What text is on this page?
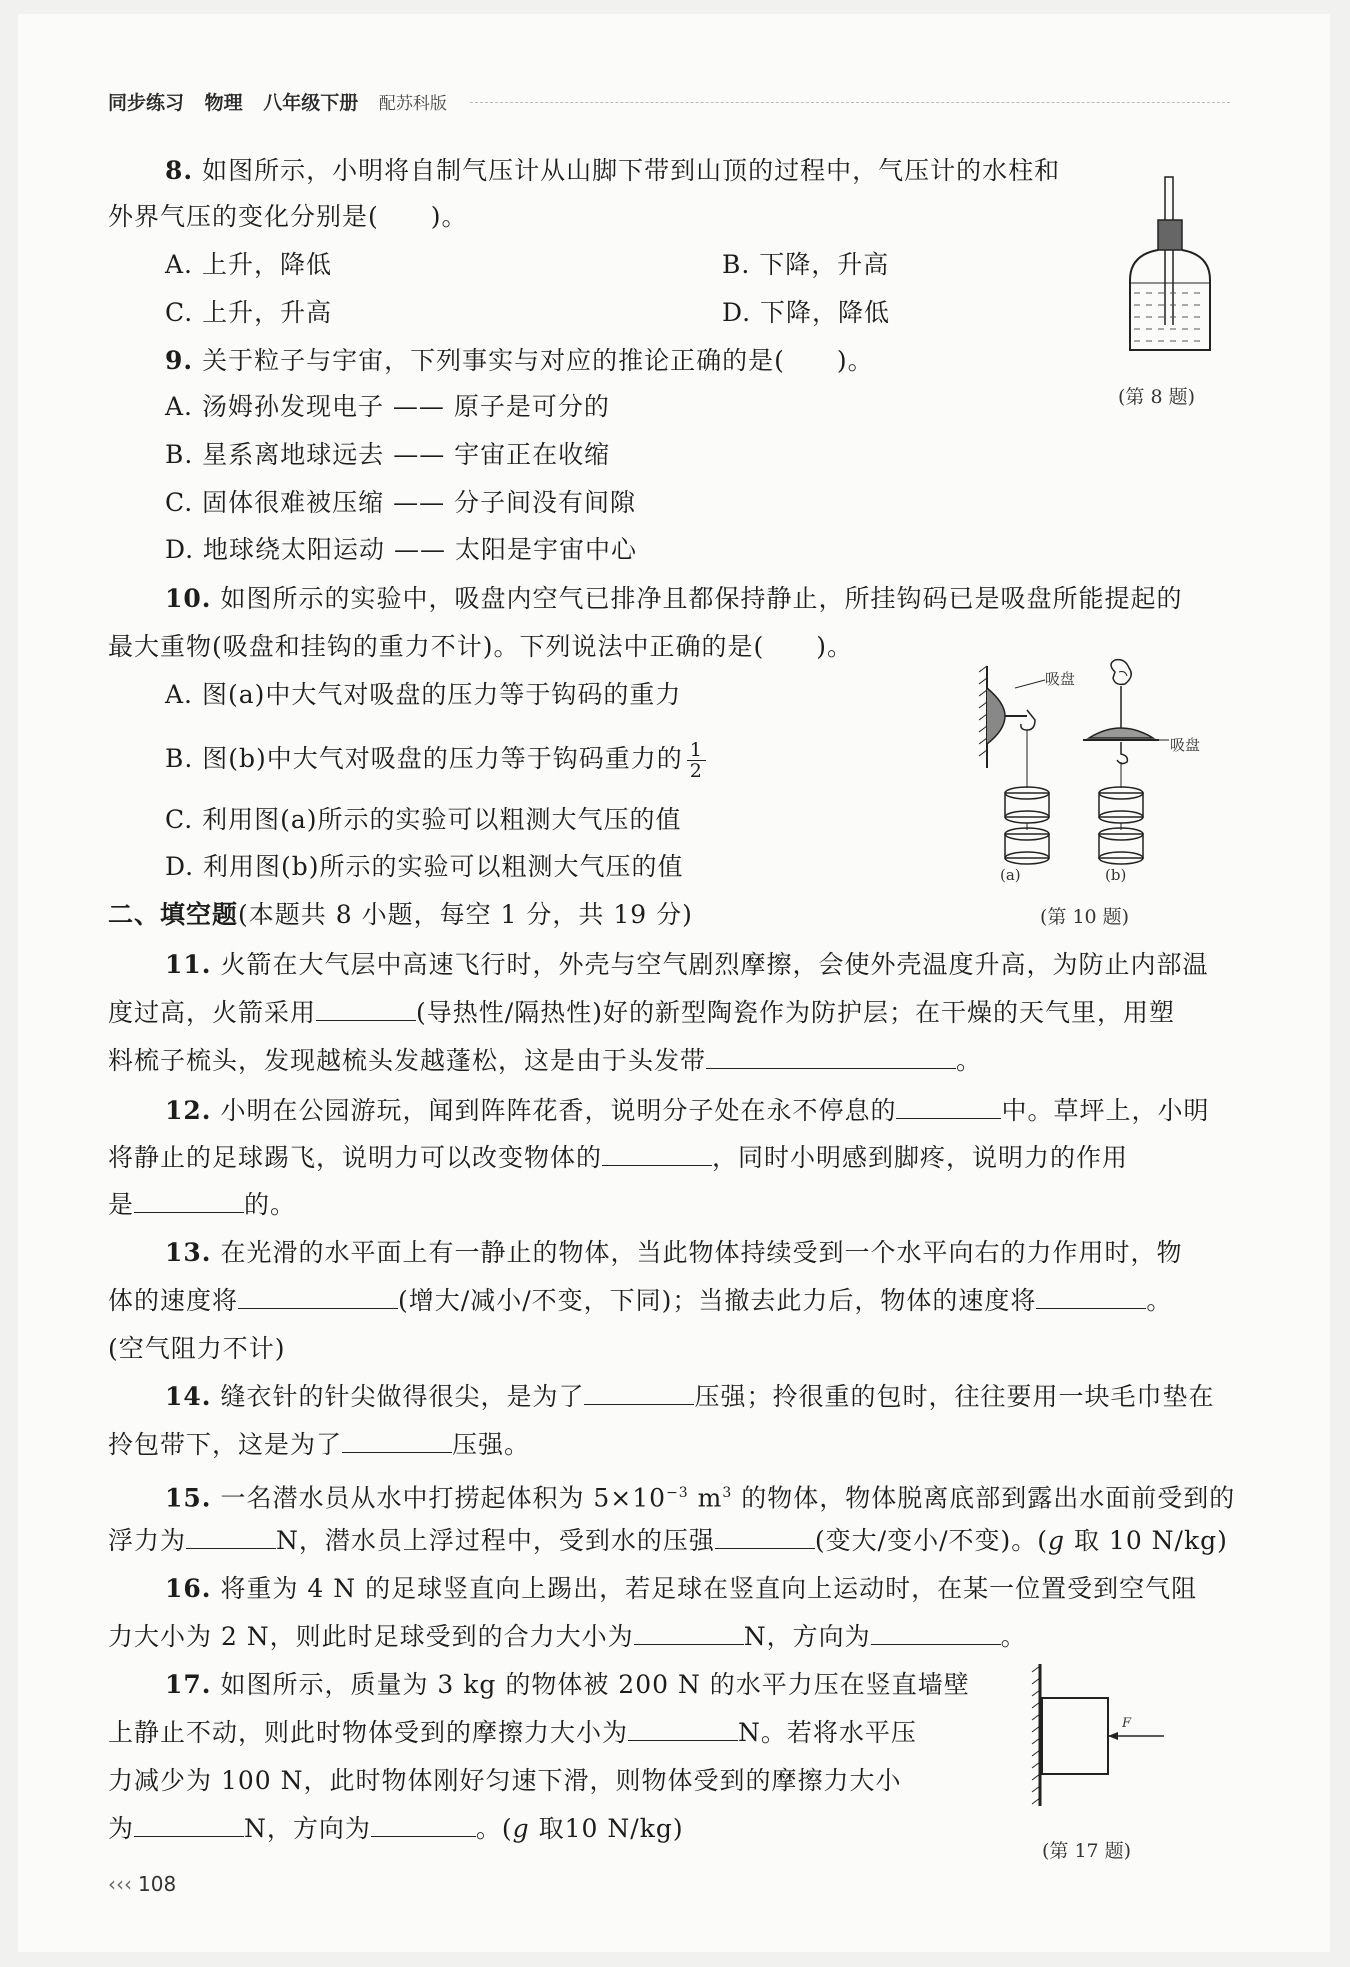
同步练习 物理 八年级下册 配苏科版
8. 如图所示，小明将自制气压计从山脚下带到山顶的过程中，气压计的水柱和
外界气压的变化分别是(　　)。
A. 上升，降低	B. 下降，升高
C. 上升，升高	D. 下降，降低
(第 8 题)
9. 关于粒子与宇宙，下列事实与对应的推论正确的是(　　)。
A. 汤姆孙发现电子 —— 原子是可分的
B. 星系离地球远去 —— 宇宙正在收缩
C. 固体很难被压缩 —— 分子间没有间隙
D. 地球绕太阳运动 —— 太阳是宇宙中心
10. 如图所示的实验中，吸盘内空气已排净且都保持静止，所挂钩码已是吸盘所能提起的
最大重物(吸盘和挂钩的重力不计)。下列说法中正确的是(　　)。
A. 图(a)中大气对吸盘的压力等于钩码的重力
B. 图(b)中大气对吸盘的压力等于钩码重力的 $\frac{1}{2}$
C. 利用图(a)所示的实验可以粗测大气压的值
D. 利用图(b)所示的实验可以粗测大气压的值
吸盘
吸盘
(a)	(b)
(第 10 题)
二、填空题(本题共 8 小题，每空 1 分，共 19 分)
11. 火箭在大气层中高速飞行时，外壳与空气剧烈摩擦，会使外壳温度升高，为防止内部温
度过高，火箭采用	(导热性/隔热性)好的新型陶瓷作为防护层；在干燥的天气里，用塑
料梳子梳头，发现越梳头发越蓬松，这是由于头发带	。
12. 小明在公园游玩，闻到阵阵花香，说明分子处在永不停息的	中。草坪上，小明
将静止的足球踢飞，说明力可以改变物体的	，同时小明感到脚疼，说明力的作用
是	的。
13. 在光滑的水平面上有一静止的物体，当此物体持续受到一个水平向右的力作用时，物
体的速度将	(增大/减小/不变，下同)；当撤去此力后，物体的速度将	。
(空气阻力不计)
14. 缝衣针的针尖做得很尖，是为了	压强；拎很重的包时，往往要用一块毛巾垫在
拎包带下，这是为了	压强。
15. 一名潜水员从水中打捞起体积为 $5\times 10^{-3}$ $m^3$ 的物体，物体脱离底部到露出水面前受到的
浮力为	N，潜水员上浮过程中，受到水的压强	(变大/变小/不变)。(g 取 10 N/kg)
16. 将重为 4 N 的足球竖直向上踢出，若足球在竖直向上运动时，在某一位置受到空气阻
力大小为 2 N，则此时足球受到的合力大小为	N，方向为	。
17. 如图所示，质量为 3 kg 的物体被 200 N 的水平力压在竖直墙壁
上静止不动，则此时物体受到的摩擦力大小为	N。若将水平压
力减少为 100 N，此时物体刚好匀速下滑，则物体受到的摩擦力大小
为	N，方向为	。(g 取10 N/kg)
F
(第 17 题)
‹‹‹ 108
